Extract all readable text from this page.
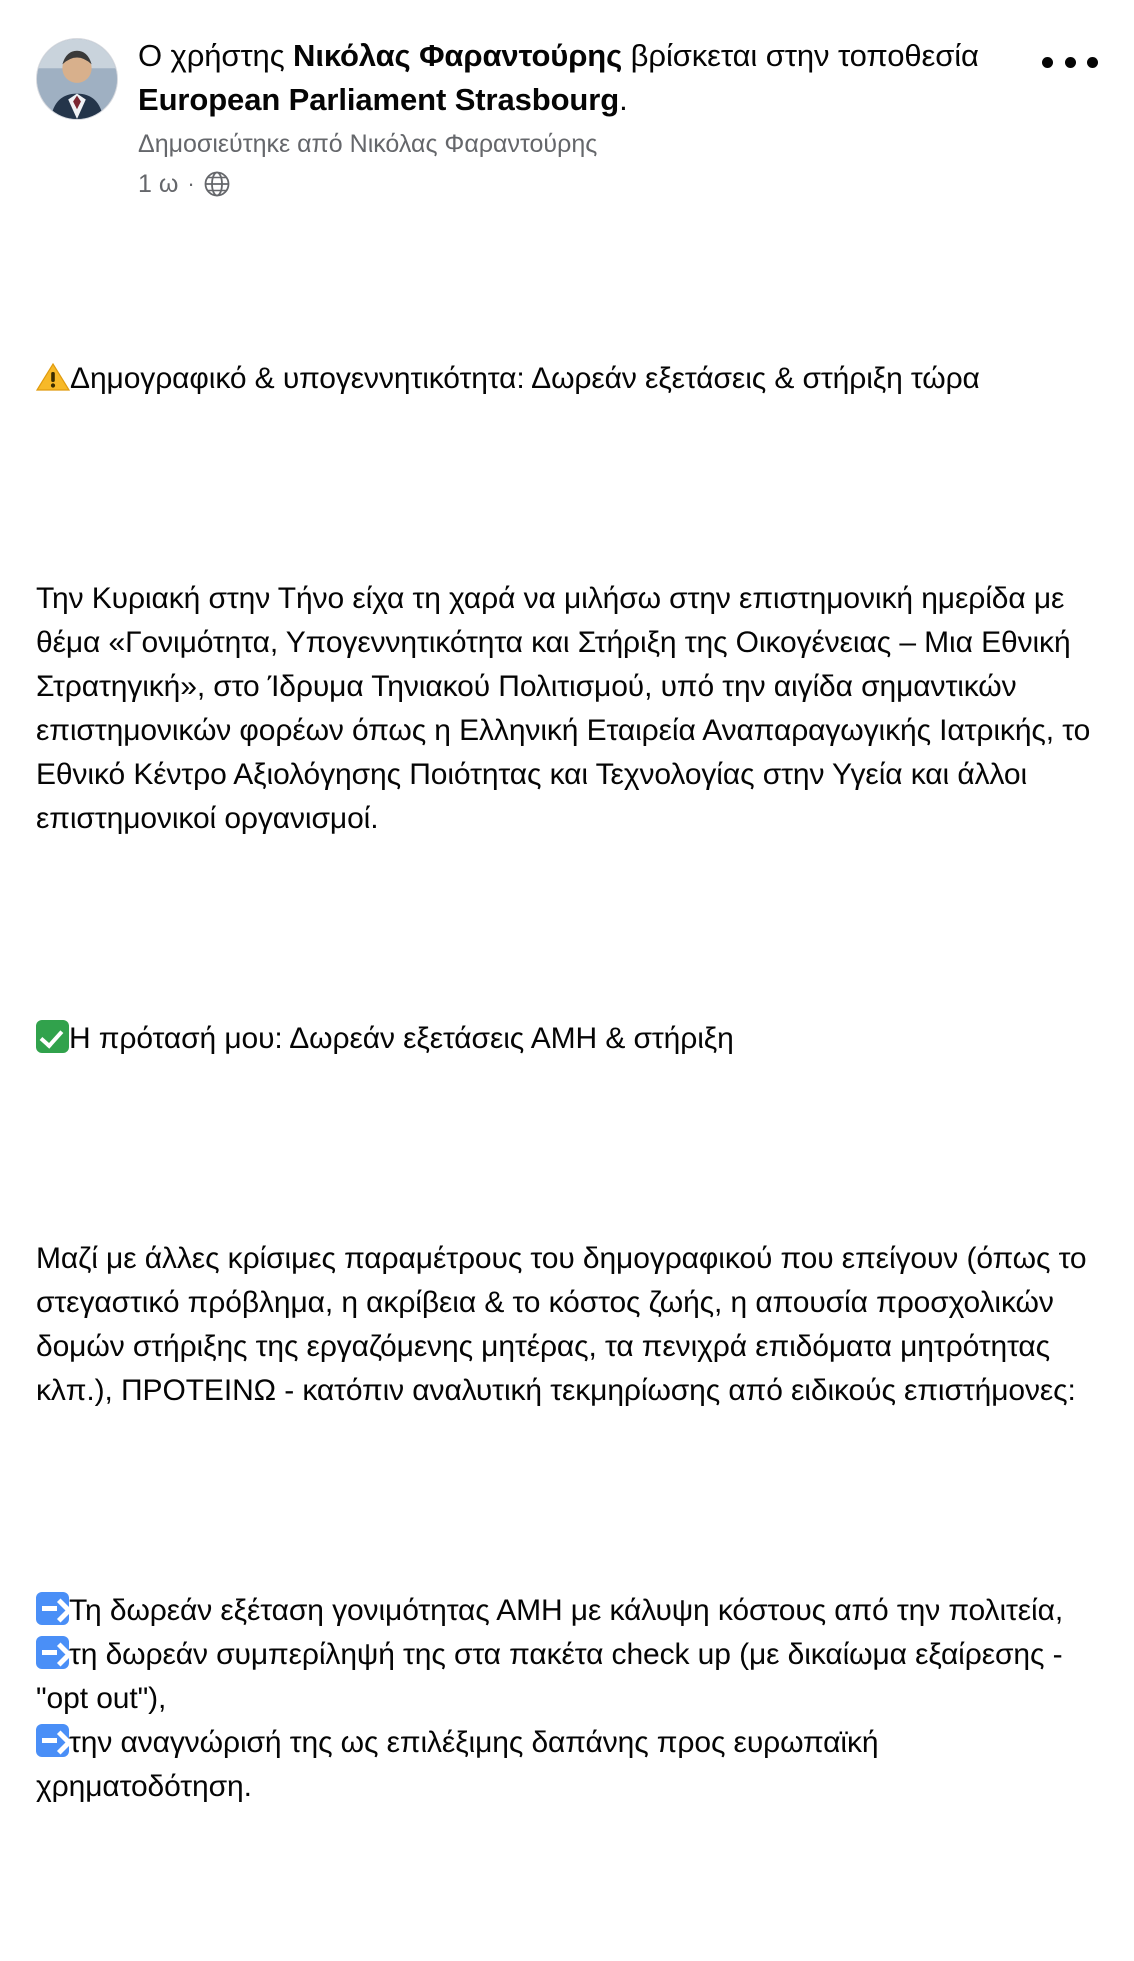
Ο χρήστης Νικόλας Φαραντούρης βρίσκεται στην τοποθεσία European Parliament Strasbourg.
Δημοσιεύτηκε από Νικόλας Φαραντούρης
1 ω ·

Δημογραφικό & υπογεννητικότητα: Δωρεάν εξετάσεις & στήριξη τώρα

Την Κυριακή στην Τήνο είχα τη χαρά να μιλήσω στην επιστημονική ημερίδα με θέμα «Γονιμότητα, Υπογεννητικότητα και Στήριξη της Οικογένειας – Μια Εθνική Στρατηγική», στο Ίδρυμα Τηνιακού Πολιτισμού, υπό την αιγίδα σημαντικών επιστημονικών φορέων όπως η Ελληνική Εταιρεία Αναπαραγωγικής Ιατρικής, το Εθνικό Κέντρο Αξιολόγησης Ποιότητας και Τεχνολογίας στην Υγεία και άλλοι επιστημονικοί οργανισμοί.

Η πρότασή μου: Δωρεάν εξετάσεις ΑΜΗ & στήριξη

Μαζί με άλλες κρίσιμες παραμέτρους του δημογραφικού που επείγουν (όπως το στεγαστικό πρόβλημα, η ακρίβεια & το κόστος ζωής, η απουσία προσχολικών δομών στήριξης της εργαζόμενης μητέρας, τα πενιχρά επιδόματα μητρότητας κλπ.), ΠΡΟΤΕΙΝΩ - κατόπιν αναλυτική τεκμηρίωσης από ειδικούς επιστήμονες:

Τη δωρεάν εξέταση γονιμότητας ΑΜΗ με κάλυψη κόστους από την πολιτεία,
τη δωρεάν συμπερίληψή της στα πακέτα check up (με δικαίωμα εξαίρεσης - "opt out"),
την αναγνώρισή της ως επιλέξιμης δαπάνης προς ευρωπαϊκή χρηματοδότηση.
